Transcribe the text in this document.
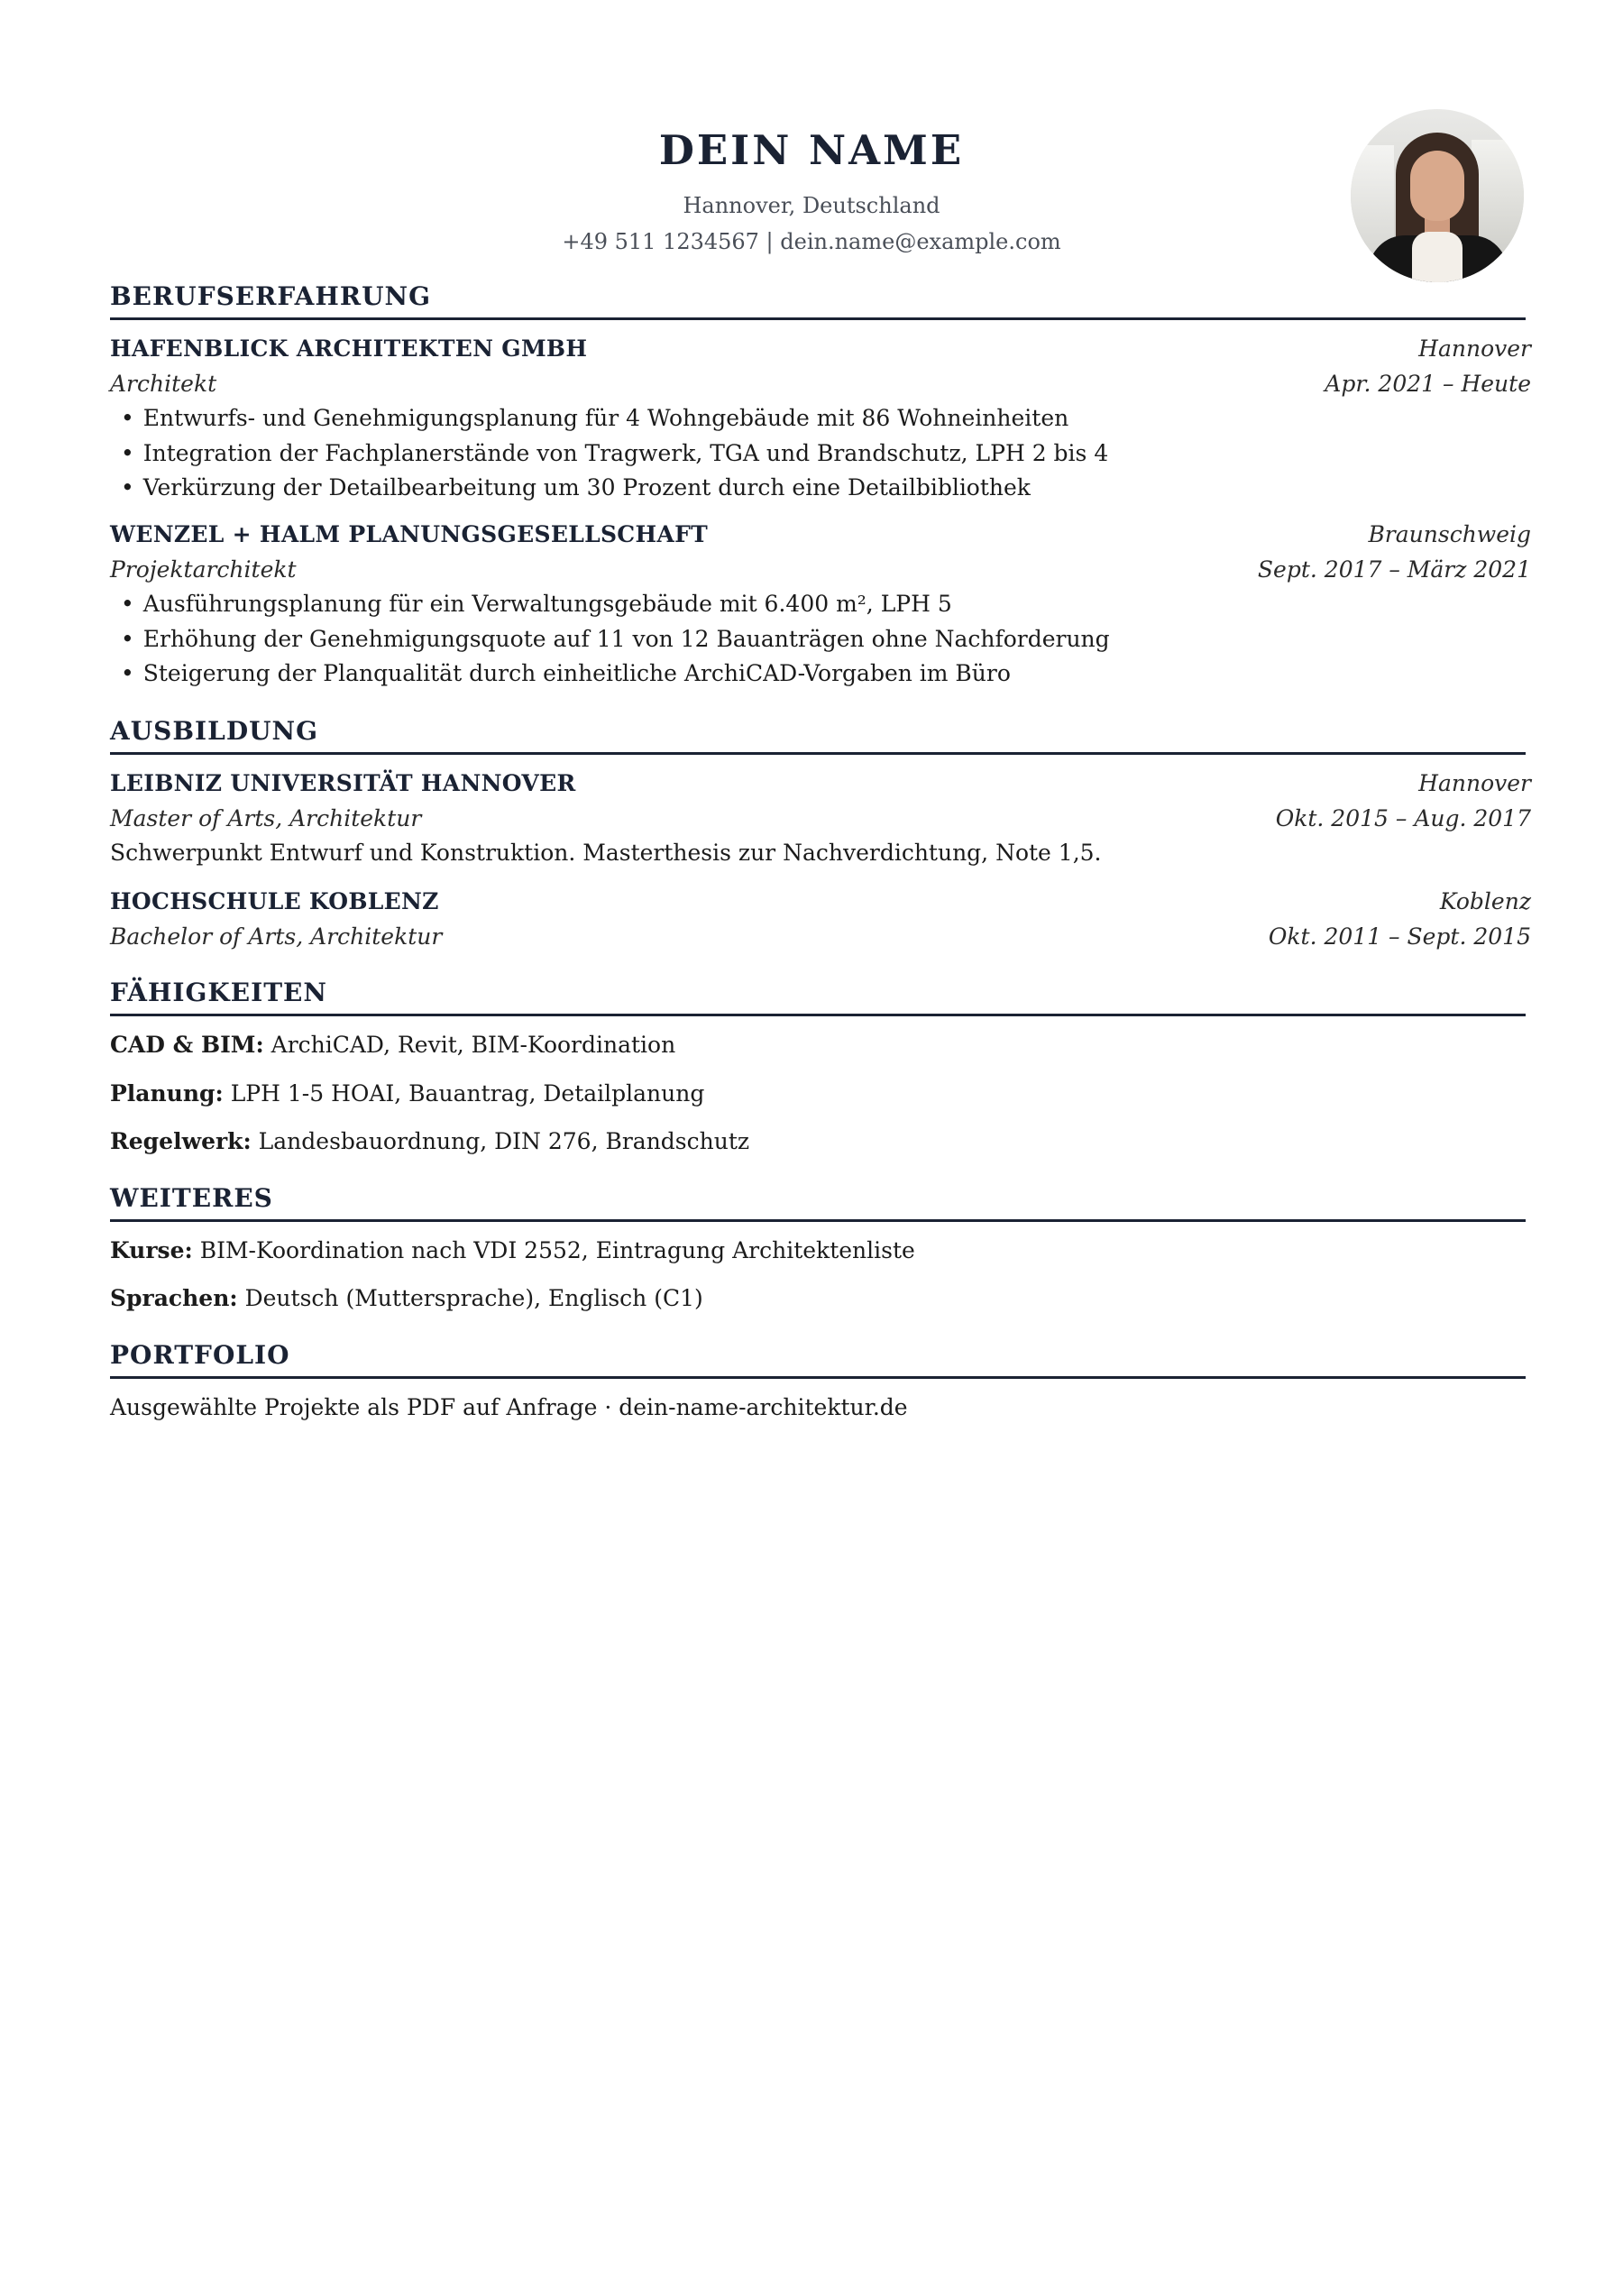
DEIN NAME
Hannover, Deutschland
+49 511 1234567 | dein.name@example.com
BERUFSERFAHRUNG
HAFENBLICK ARCHITEKTEN GMBH	Hannover
Architekt	Apr. 2021 – Heute
• Entwurfs- und Genehmigungsplanung für 4 Wohngebäude mit 86 Wohneinheiten
• Integration der Fachplanerstände von Tragwerk, TGA und Brandschutz, LPH 2 bis 4
• Verkürzung der Detailbearbeitung um 30 Prozent durch eine Detailbibliothek
WENZEL + HALM PLANUNGSGESELLSCHAFT	Braunschweig
Projektarchitekt	Sept. 2017 – März 2021
• Ausführungsplanung für ein Verwaltungsgebäude mit 6.400 m², LPH 5
• Erhöhung der Genehmigungsquote auf 11 von 12 Bauanträgen ohne Nachforderung
• Steigerung der Planqualität durch einheitliche ArchiCAD-Vorgaben im Büro
AUSBILDUNG
LEIBNIZ UNIVERSITÄT HANNOVER	Hannover
Master of Arts, Architektur	Okt. 2015 – Aug. 2017
Schwerpunkt Entwurf und Konstruktion. Masterthesis zur Nachverdichtung, Note 1,5.
HOCHSCHULE KOBLENZ	Koblenz
Bachelor of Arts, Architektur	Okt. 2011 – Sept. 2015
FÄHIGKEITEN
CAD & BIM: ArchiCAD, Revit, BIM-Koordination
Planung: LPH 1-5 HOAI, Bauantrag, Detailplanung
Regelwerk: Landesbauordnung, DIN 276, Brandschutz
WEITERES
Kurse: BIM-Koordination nach VDI 2552, Eintragung Architektenliste
Sprachen: Deutsch (Muttersprache), Englisch (C1)
PORTFOLIO
Ausgewählte Projekte als PDF auf Anfrage · dein-name-architektur.de
